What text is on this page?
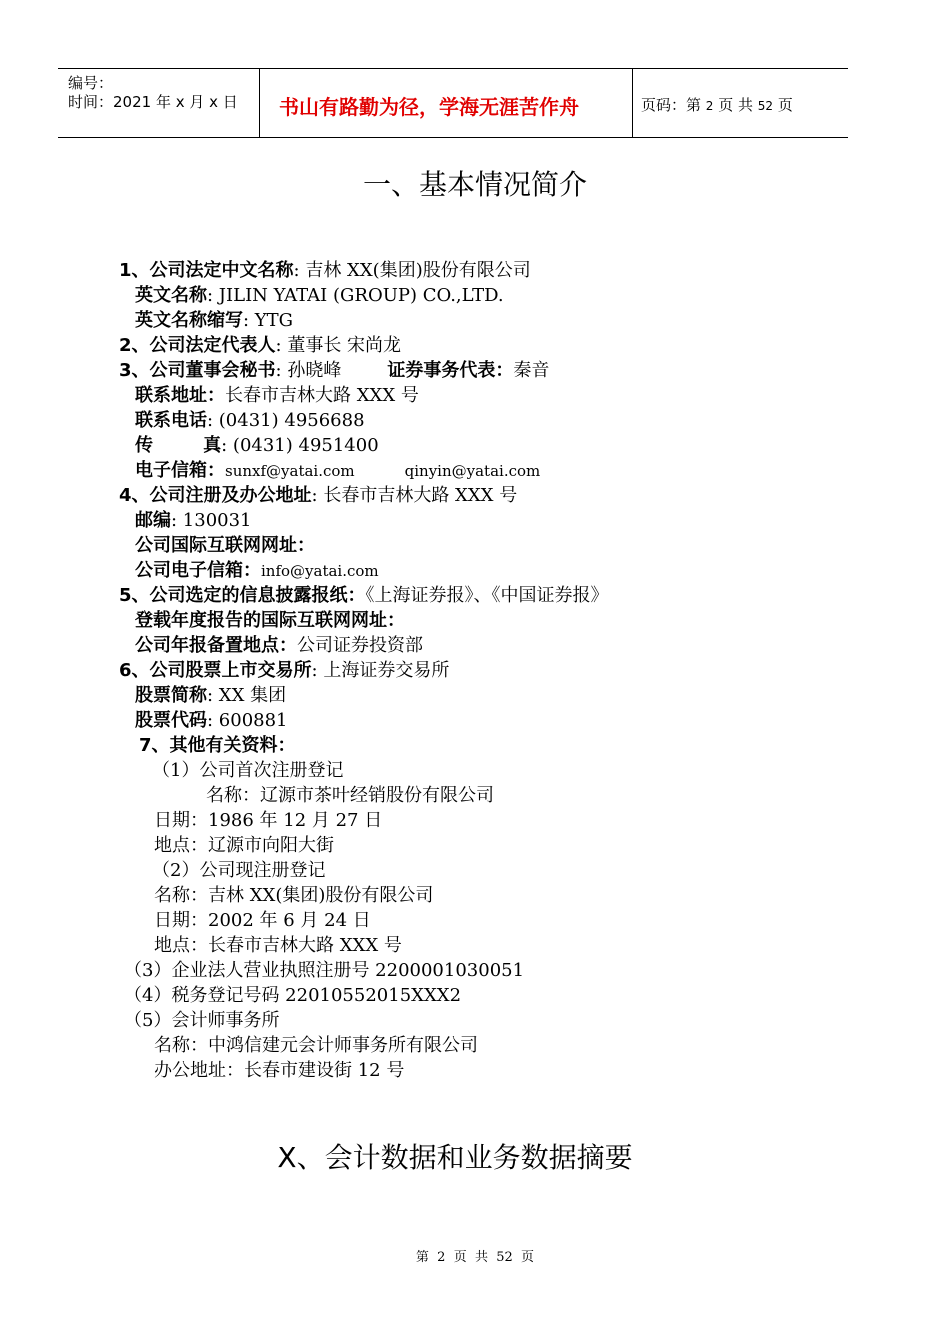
编号：
时间：2021 年 x 月 x 日 书山有路勤为径，学海无涯苦作舟	页码：第 2 页 共 52 页
一、基本情况简介
1、公司法定中文名称: 吉林 XX(集团)股份有限公司
英文名称: JILIN YATAI (GROUP) CO.,LTD.
英文名称缩写: YTG
2、公司法定代表人: 董事长 宋尚龙
3、公司董事会秘书: 孙晓峰	证券事务代表：秦音
联系地址：长春市吉林大路 XXX 号
联系电话: (0431) 4956688
传        真: (0431) 4951400
电子信箱：sunxf@yatai.com	qinyin@yatai.com
4、公司注册及办公地址: 长春市吉林大路 XXX 号
邮编: 130031
公司国际互联网网址：
公司电子信箱：info@yatai.com
5、公司选定的信息披露报纸：《上海证券报》、《中国证券报》
登载年度报告的国际互联网网址：
公司年报备置地点：公司证券投资部
6、公司股票上市交易所: 上海证券交易所
股票简称: XX 集团
股票代码: 600881
7、其他有关资料：
（1）公司首次注册登记
名称：辽源市茶叶经销股份有限公司
日期：1986 年 12 月 27 日
地点：辽源市向阳大街
（2）公司现注册登记
名称：吉林 XX(集团)股份有限公司
日期：2002 年 6 月 24 日
地点：长春市吉林大路 XXX 号
（3）企业法人营业执照注册号 2200001030051
（4）税务登记号码 22010552015XXX2
（5）会计师事务所
名称：中鸿信建元会计师事务所有限公司
办公地址：长春市建设街 12 号
X、会计数据和业务数据摘要
第  2  页  共  52  页
